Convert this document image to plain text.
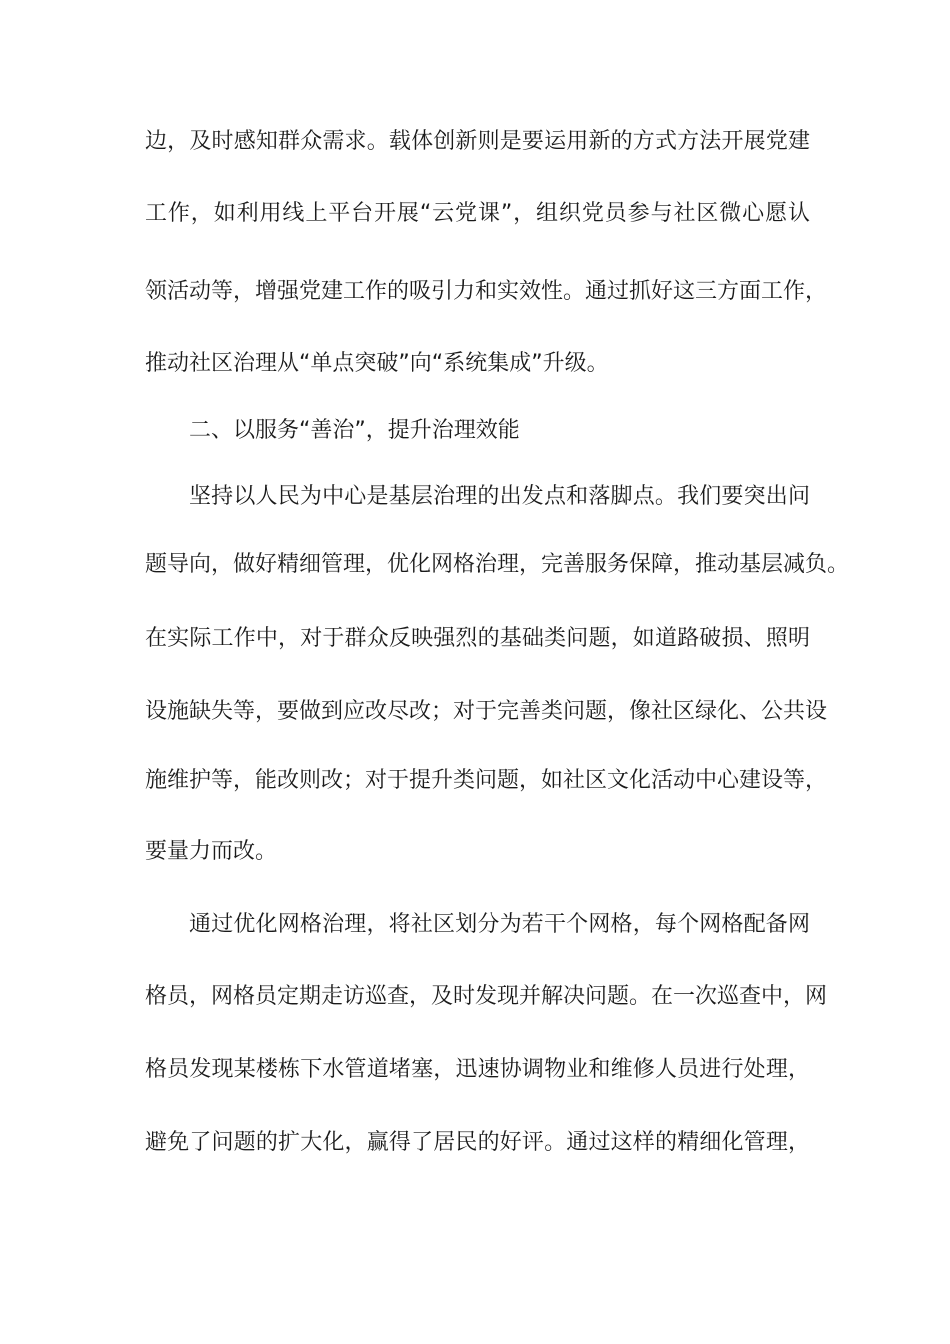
边，及时感知群众需求。载体创新则是要运用新的方式方法开展党建
工作，如利用线上平台开展“云党课”，组织党员参与社区微心愿认
领活动等，增强党建工作的吸引力和实效性。通过抓好这三方面工作，
推动社区治理从“单点突破”向“系统集成”升级。
二、以服务“善治”，提升治理效能
坚持以人民为中心是基层治理的出发点和落脚点。我们要突出问
题导向，做好精细管理，优化网格治理，完善服务保障，推动基层减负。
在实际工作中，对于群众反映强烈的基础类问题，如道路破损、照明
设施缺失等，要做到应改尽改；对于完善类问题，像社区绿化、公共设
施维护等，能改则改；对于提升类问题，如社区文化活动中心建设等，
要量力而改。
通过优化网格治理，将社区划分为若干个网格，每个网格配备网
格员，网格员定期走访巡查，及时发现并解决问题。在一次巡查中，网
格员发现某楼栋下水管道堵塞，迅速协调物业和维修人员进行处理，
避免了问题的扩大化，赢得了居民的好评。通过这样的精细化管理，
